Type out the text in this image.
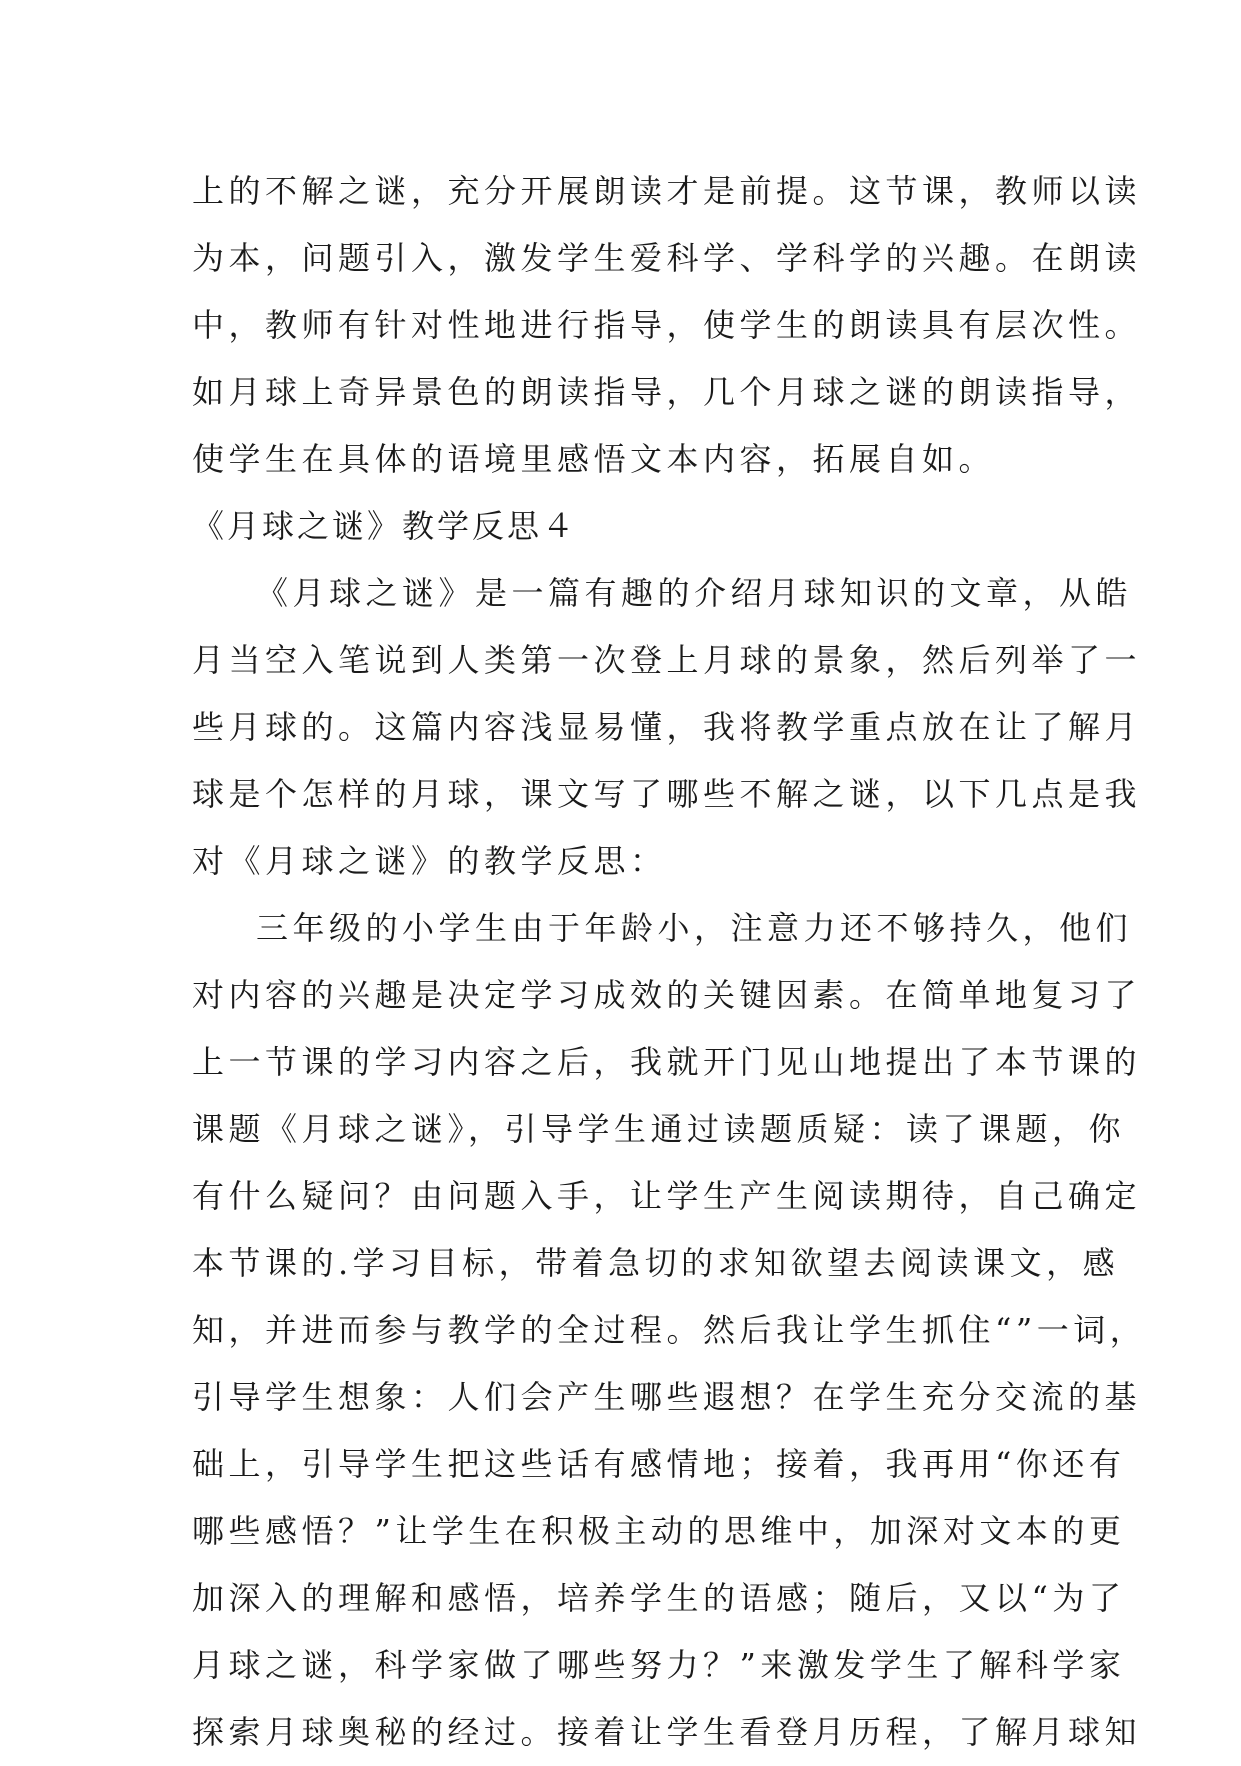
上的不解之谜，充分开展朗读才是前提。这节课，教师以读
为本，问题引入，激发学生爱科学、学科学的兴趣。在朗读
中，教师有针对性地进行指导，使学生的朗读具有层次性。
如月球上奇异景色的朗读指导，几个月球之谜的朗读指导，
使学生在具体的语境里感悟文本内容，拓展自如。
《月球之谜》教学反思４
《月球之谜》是一篇有趣的介绍月球知识的文章，从皓
月当空入笔说到人类第一次登上月球的景象，然后列举了一
些月球的。这篇内容浅显易懂，我将教学重点放在让了解月
球是个怎样的月球，课文写了哪些不解之谜，以下几点是我
对《月球之谜》的教学反思：
三年级的小学生由于年龄小，注意力还不够持久，他们
对内容的兴趣是决定学习成效的关键因素。在简单地复习了
上一节课的学习内容之后，我就开门见山地提出了本节课的
课题《月球之谜》，引导学生通过读题质疑：读了课题，你
有什么疑问？由问题入手，让学生产生阅读期待，自己确定
本节课的.学习目标，带着急切的求知欲望去阅读课文，感
知，并进而参与教学的全过程。然后我让学生抓住“”一词，
引导学生想象：人们会产生哪些遐想？在学生充分交流的基
础上，引导学生把这些话有感情地；接着，我再用“你还有
哪些感悟？”让学生在积极主动的思维中，加深对文本的更
加深入的理解和感悟，培养学生的语感；随后，又以“为了
月球之谜，科学家做了哪些努力？”来激发学生了解科学家
探索月球奥秘的经过。接着让学生看登月历程，了解月球知
